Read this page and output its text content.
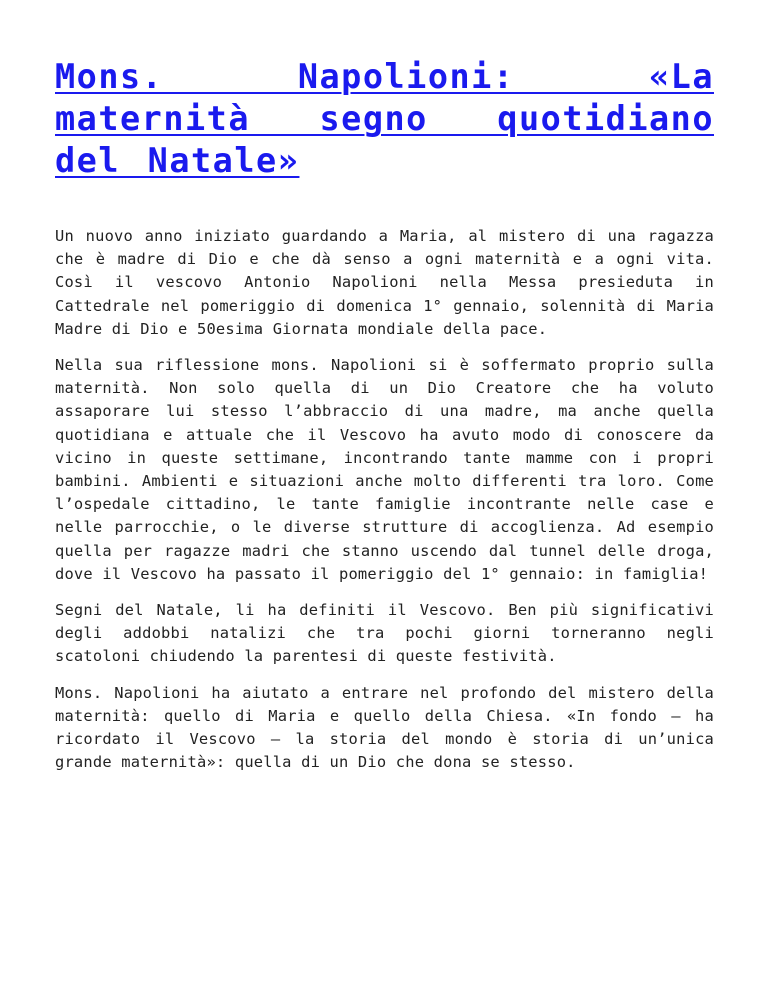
Mons. Napolioni: «La maternità segno quotidiano del Natale»

Un nuovo anno iniziato guardando a Maria, al mistero di una ragazza che è madre di Dio e che dà senso a ogni maternità e a ogni vita. Così il vescovo Antonio Napolioni nella Messa presieduta in Cattedrale nel pomeriggio di domenica 1° gennaio, solennità di Maria Madre di Dio e 50esima Giornata mondiale della pace.

Nella sua riflessione mons. Napolioni si è soffermato proprio sulla maternità. Non solo quella di un Dio Creatore che ha voluto assaporare lui stesso l’abbraccio di una madre, ma anche quella quotidiana e attuale che il Vescovo ha avuto modo di conoscere da vicino in queste settimane, incontrando tante mamme con i propri bambini. Ambienti e situazioni anche molto differenti tra loro. Come l’ospedale cittadino, le tante famiglie incontrante nelle case e nelle parrocchie, o le diverse strutture di accoglienza. Ad esempio quella per ragazze madri che stanno uscendo dal tunnel delle droga, dove il Vescovo ha passato il pomeriggio del 1° gennaio: in famiglia!

Segni del Natale, li ha definiti il Vescovo. Ben più significativi degli addobbi natalizi che tra pochi giorni torneranno negli scatoloni chiudendo la parentesi di queste festività.

Mons. Napolioni ha aiutato a entrare nel profondo del mistero della maternità: quello di Maria e quello della Chiesa. «In fondo – ha ricordato il Vescovo – la storia del mondo è storia di un’unica grande maternità»: quella di un Dio che dona se stesso.
